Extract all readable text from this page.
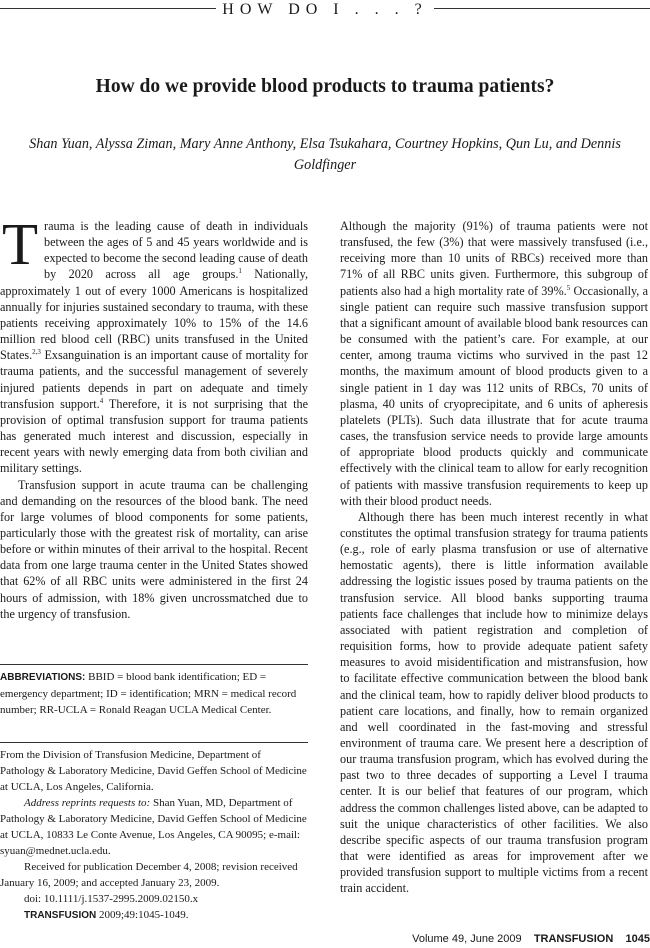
HOW DO I . . . ?
How do we provide blood products to trauma patients?
Shan Yuan, Alyssa Ziman, Mary Anne Anthony, Elsa Tsukahara, Courtney Hopkins, Qun Lu, and Dennis Goldfinger

Trauma is the leading cause of death in individuals between the ages of 5 and 45 years worldwide and is expected to become the second leading cause of death by 2020 across all age groups.$^1$ Nationally, approximately 1 out of every 1000 Americans is hospitalized annually for injuries sustained secondary to trauma, with these patients receiving approximately 10% to 15% of the 14.6 million red blood cell (RBC) units transfused in the United States.$^{2,3}$ Exsanguination is an important cause of mortality for trauma patients, and the successful management of severely injured patients depends in part on adequate and timely transfusion support.$^4$ Therefore, it is not surprising that the provision of optimal transfusion support for trauma patients has generated much interest and discussion, especially in recent years with newly emerging data from both civilian and military settings.

Transfusion support in acute trauma can be challenging and demanding on the resources of the blood bank. The need for large volumes of blood components for some patients, particularly those with the greatest risk of mortality, can arise before or within minutes of their arrival to the hospital. Recent data from one large trauma center in the United States showed that 62% of all RBC units were administered in the first 24 hours of admission, with 18% given uncrossmatched due to the urgency of transfusion.

ABBREVIATIONS: BBID = blood bank identification; ED = emergency department; ID = identification; MRN = medical record number; RR-UCLA = Ronald Reagan UCLA Medical Center.

From the Division of Transfusion Medicine, Department of Pathology & Laboratory Medicine, David Geffen School of Medicine at UCLA, Los Angeles, California.

Address reprints requests to: Shan Yuan, MD, Department of Pathology & Laboratory Medicine, David Geffen School of Medicine at UCLA, 10833 Le Conte Avenue, Los Angeles, CA 90095; e-mail: syuan@mednet.ucla.edu.

Received for publication December 4, 2008; revision received January 16, 2009; and accepted January 23, 2009.

doi: 10.1111/j.1537-2995.2009.02150.x

TRANSFUSION 2009;49:1045-1049.

Although the majority (91%) of trauma patients were not transfused, the few (3%) that were massively transfused (i.e., receiving more than 10 units of RBCs) received more than 71% of all RBC units given. Furthermore, this subgroup of patients also had a high mortality rate of 39%.$^5$ Occasionally, a single patient can require such massive transfusion support that a significant amount of available blood bank resources can be consumed with the patient’s care. For example, at our center, among trauma victims who survived in the past 12 months, the maximum amount of blood products given to a single patient in 1 day was 112 units of RBCs, 70 units of plasma, 40 units of cryoprecipitate, and 6 units of apheresis platelets (PLTs). Such data illustrate that for acute trauma cases, the transfusion service needs to provide large amounts of appropriate blood products quickly and communicate effectively with the clinical team to allow for early recognition of patients with massive transfusion requirements to keep up with their blood product needs.

Although there has been much interest recently in what constitutes the optimal transfusion strategy for trauma patients (e.g., role of early plasma transfusion or use of alternative hemostatic agents), there is little information available addressing the logistic issues posed by trauma patients on the transfusion service. All blood banks supporting trauma patients face challenges that include how to minimize delays associated with patient registration and completion of requisition forms, how to provide adequate patient safety measures to avoid misidentification and mistransfusion, how to facilitate effective communication between the blood bank and the clinical team, how to rapidly deliver blood products to patient care locations, and finally, how to remain organized and well coordinated in the fast-moving and stressful environment of trauma care. We present here a description of our trauma transfusion program, which has evolved during the past two to three decades of supporting a Level I trauma center. It is our belief that features of our program, which address the common challenges listed above, can be adapted to suit the unique characteristics of other facilities. We also describe specific aspects of our trauma transfusion program that were identified as areas for improvement after we provided transfusion support to multiple victims from a recent train accident.

Volume 49, June 2009 TRANSFUSION 1045
